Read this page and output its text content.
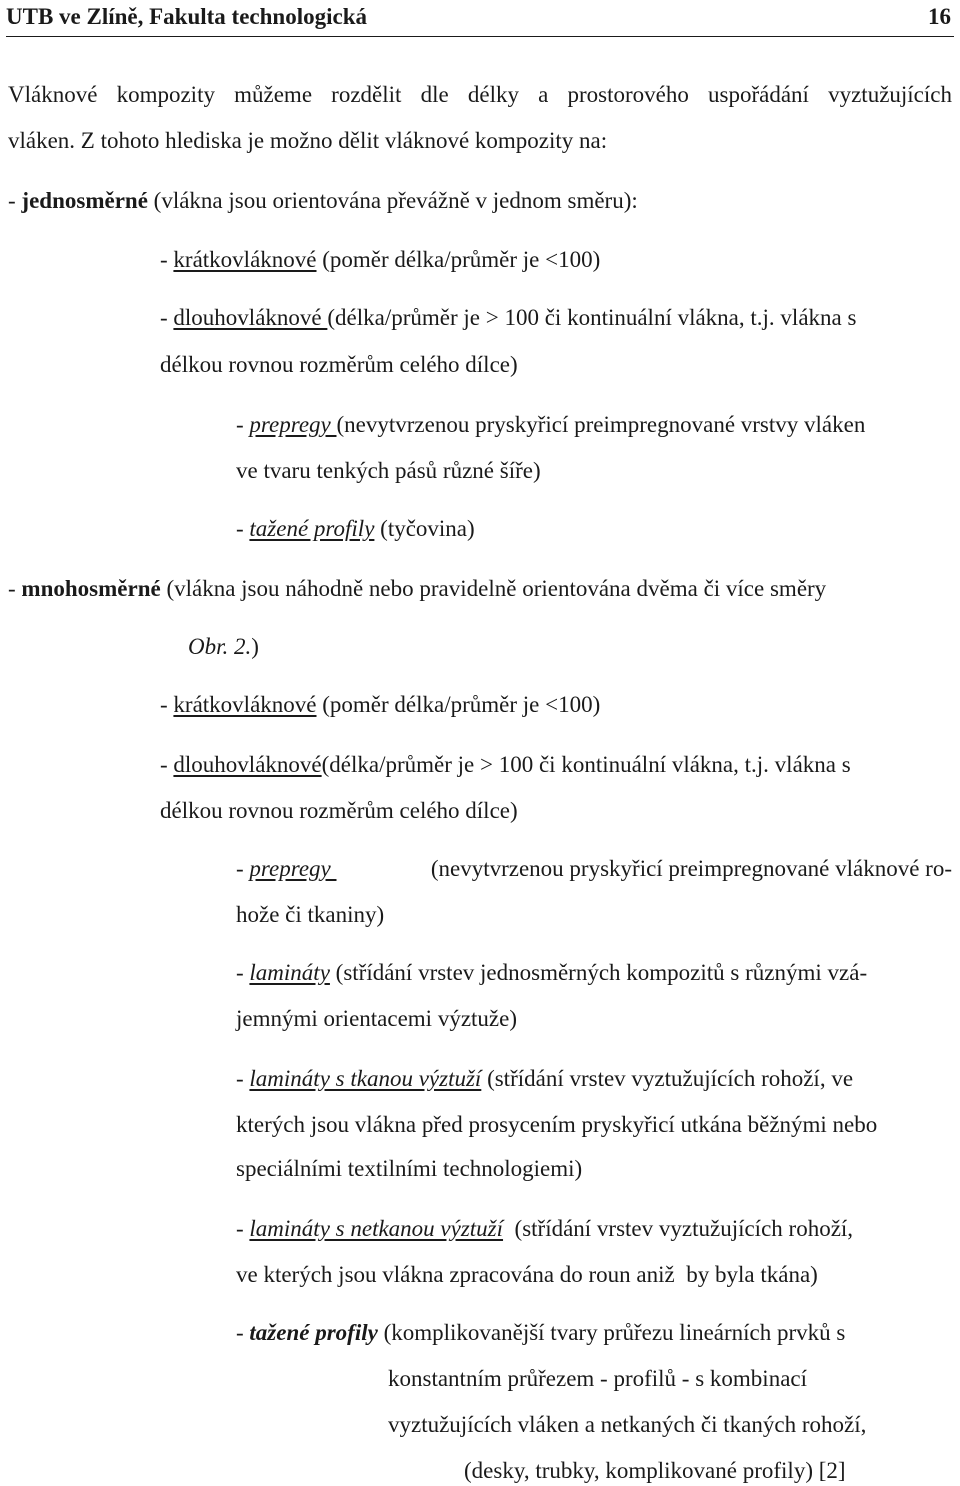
UTB ve Zlíně, Fakulta technologická	16
Vláknové kompozity můžeme rozdělit dle délky a prostorového uspořádání vyztužujících
vláken. Z tohoto hlediska je možno dělit vláknové kompozity na:
- jednosměrné (vlákna jsou orientována převážně v jednom směru):
- krátkovláknové (poměr délka/průměr je <100)
- dlouhovláknové (délka/průměr je > 100 či kontinuální vlákna, t.j. vlákna s
délkou rovnou rozměrům celého dílce)
- prepregy (nevytvrzenou pryskyřicí preimpregnované vrstvy vláken
ve tvaru tenkých pásů různé šíře)
- tažené profily (tyčovina)
- mnohosměrné (vlákna jsou náhodně nebo pravidelně orientována dvěma či více směry
Obr. 2.)
- krátkovláknové (poměr délka/průměr je <100)
- dlouhovláknové(délka/průměr je > 100 či kontinuální vlákna, t.j. vlákna s
délkou rovnou rozměrům celého dílce)
- prepregy	(nevytvrzenou pryskyřicí preimpregnované vláknové ro-
hože či tkaniny)
- lamináty (střídání vrstev jednosměrných kompozitů s různými vzá-
jemnými orientacemi výztuže)
- lamináty s tkanou výztuží (střídání vrstev vyztužujících rohoží, ve
kterých jsou vlákna před prosycením pryskyřicí utkána běžnými nebo
speciálními textilními technologiemi)
- lamináty s netkanou výztuží  (střídání vrstev vyztužujících rohoží,
ve kterých jsou vlákna zpracována do roun aniž  by byla tkána)
- tažené profily (komplikovanější tvary průřezu lineárních prvků s
konstantním průřezem - profilů - s kombinací
vyztužujících vláken a netkaných či tkaných rohoží,
(desky, trubky, komplikované profily) [2]
